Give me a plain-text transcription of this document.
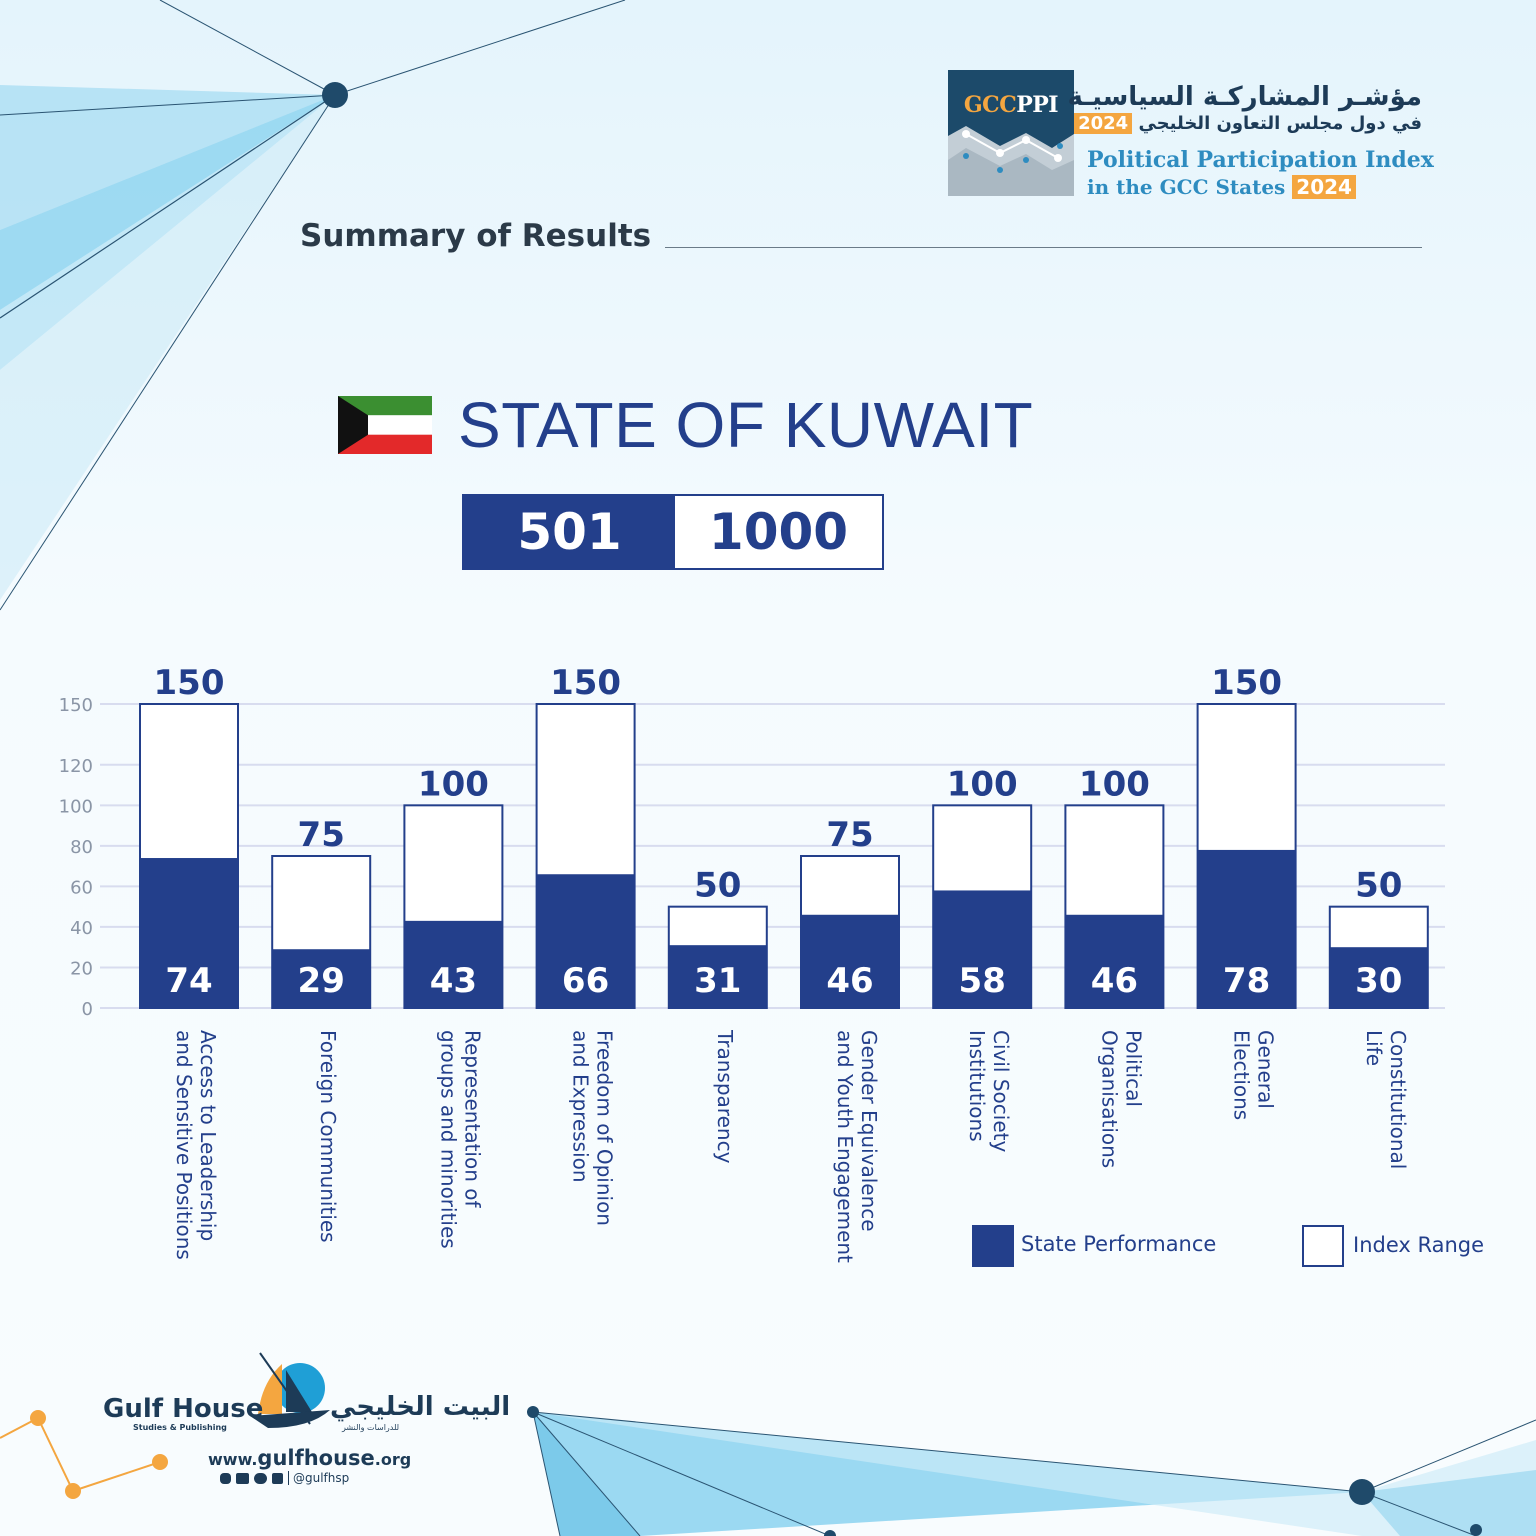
GCCPPI مؤشـر المشاركـة السياسيـة
في دول مجلس التعاون الخليجي 2024
Political Participation Index
in the GCC States 2024
Summary of Results
STATE OF KUWAIT
501	1000
0
20
40
60
80
100
120
150
150
74
Access to Leadership
and Sensitive Positions
75
29
Foreign Communities
100
43
Representation of
groups and minorities
150
66
Freedom of Opinion
and Expression
50
31
Transparency
75
46
Gender Equivalence
and Youth Engagement
100
58
Civil Society
Institutions
100
46
Political
Organisations
150
78
General
Elections
50
30
Constitutional
Life
State Performance	Index Range
Gulf House
Studies & Publishing
البيت الخليجي
للدراسات والنشر
www.gulfhouse.org
@gulfhsp
